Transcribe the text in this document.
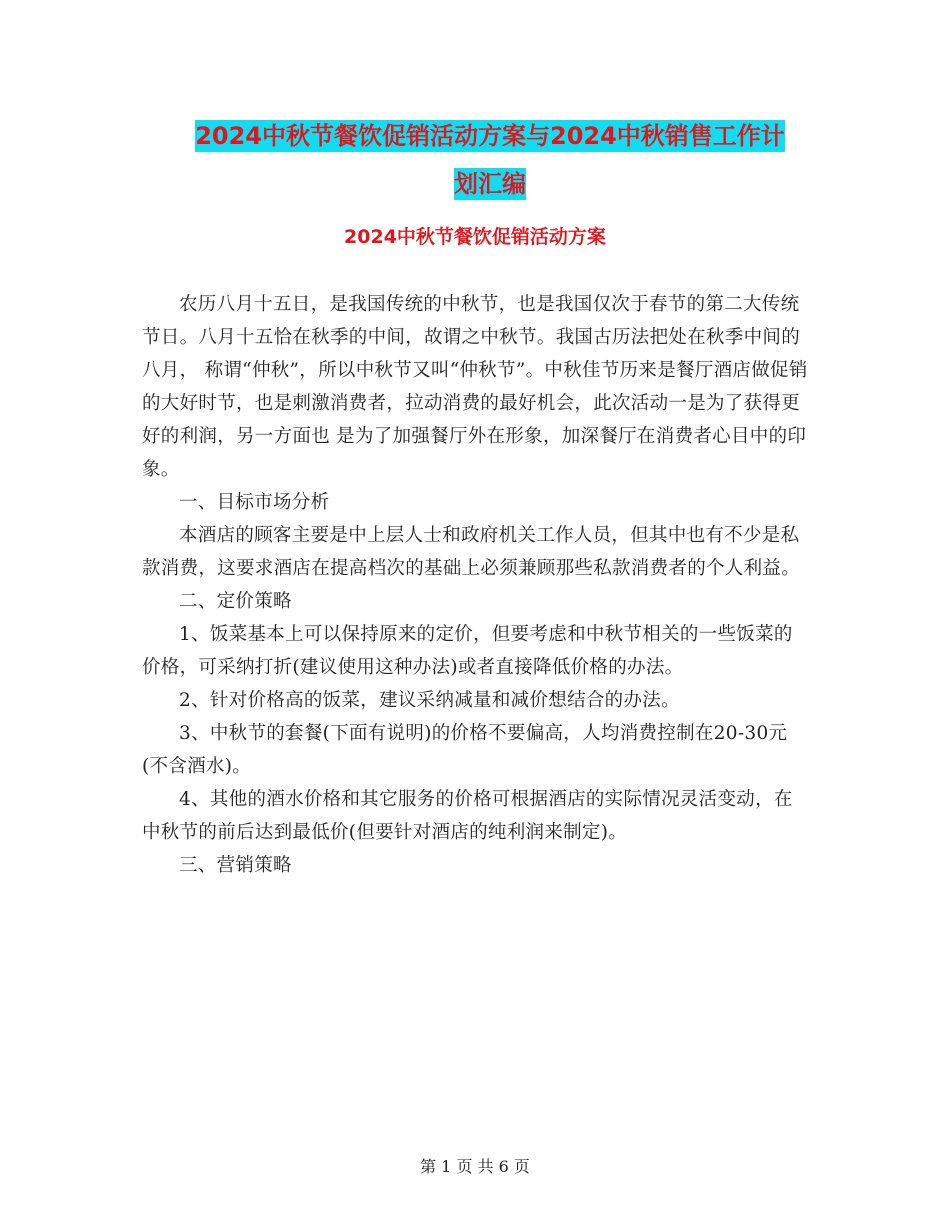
2024中秋节餐饮促销活动方案与2024中秋销售工作计
划汇编
2024中秋节餐饮促销活动方案

农历八月十五日，是我国传统的中秋节，也是我国仅次于春节的第二大传统节日。八月十五恰在秋季的中间，故谓之中秋节。我国古历法把处在秋季中间的八月， 称谓“仲秋”，所以中秋节又叫“仲秋节”。中秋佳节历来是餐厅酒店做促销的大好时节，也是刺激消费者，拉动消费的最好机会，此次活动一是为了获得更好的利润，另一方面也 是为了加强餐厅外在形象，加深餐厅在消费者心目中的印象。

一、目标市场分析

本酒店的顾客主要是中上层人士和政府机关工作人员，但其中也有不少是私款消费，这要求酒店在提高档次的基础上必须兼顾那些私款消费者的个人利益。

二、定价策略

1、饭菜基本上可以保持原来的定价，但要考虑和中秋节相关的一些饭菜的价格，可采纳打折(建议使用这种办法)或者直接降低价格的办法。

2、针对价格高的饭菜，建议采纳减量和减价想结合的办法。

3、中秋节的套餐(下面有说明)的价格不要偏高，人均消费控制在20-30元(不含酒水)。

4、其他的酒水价格和其它服务的价格可根据酒店的实际情况灵活变动，在中秋节的前后达到最低价(但要针对酒店的纯利润来制定)。

三、营销策略

第 1 页 共 6 页
